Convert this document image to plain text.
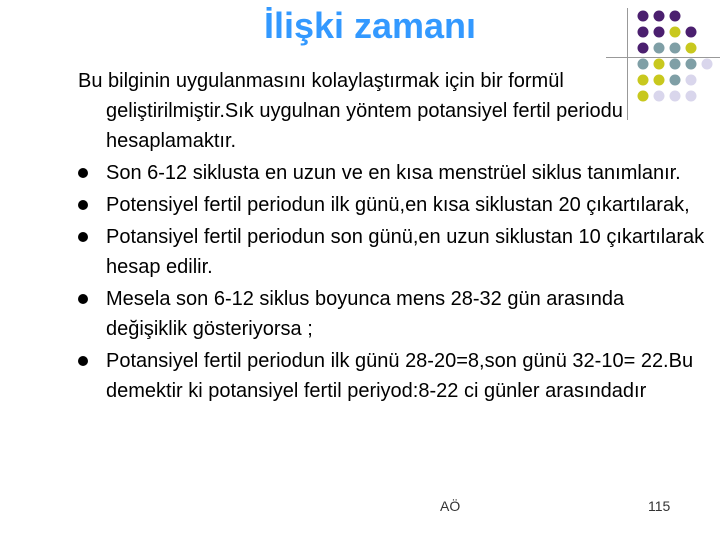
İlişki zamanı

Bu bilginin uygulanmasını kolaylaştırmak için bir formül geliştirilmiştir.Sık uygulnan yöntem potansiyel fertil periodu hesaplamaktır.

Son 6-12 siklusta en uzun ve en kısa menstrüel siklus tanımlanır.
Potensiyel fertil periodun ilk günü,en kısa siklustan 20 çıkartılarak,
Potansiyel fertil periodun son günü,en uzun siklustan 10 çıkartılarak hesap edilir.
Mesela son 6-12 siklus boyunca mens 28-32 gün arasında değişiklik gösteriyorsa ;
Potansiyel fertil periodun ilk günü 28-20=8,son günü 32-10= 22.Bu demektir ki potansiyel fertil periyod:8-22 ci günler arasındadır
AÖ	115
